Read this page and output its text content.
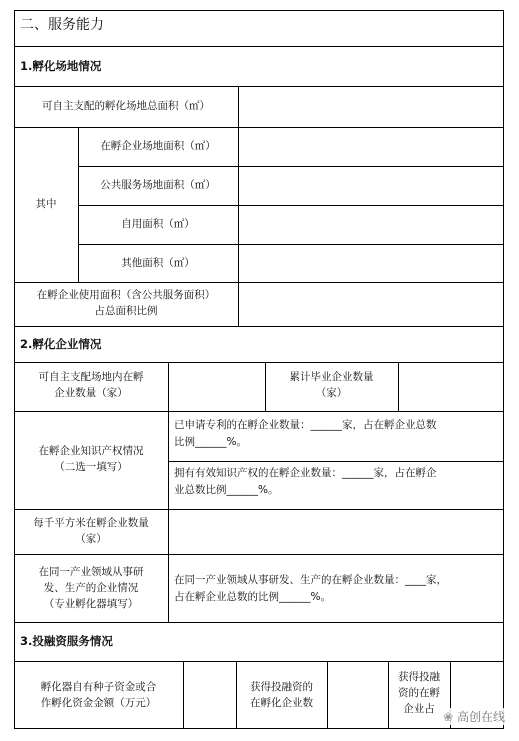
二、服务能力
1.孵化场地情况
可自主支配的孵化场地总面积（㎡）
其中
在孵企业场地面积（㎡）
公共服务场地面积（㎡）
自用面积（㎡）
其他面积（㎡）
在孵企业使用面积（含公共服务面积）
占总面积比例
2.孵化企业情况
可自主支配场地内在孵
企业数量（家）
累计毕业企业数量
（家）
在孵企业知识产权情况
（二选一填写）
已申请专利的在孵企业数量：______家，占在孵企业总数
比例______%。
拥有有效知识产权的在孵企业数量：______家，占在孵企
业总数比例______%。
每千平方米在孵企业数量
（家）
在同一产业领域从事研
发、生产的企业情况
（专业孵化器填写）
在同一产业领域从事研发、生产的在孵企业数量：____家，
占在孵企业总数的比例______%。
3.投融资服务情况
孵化器自有种子资金或合
作孵化资金金额（万元）
获得投融资的
在孵化企业数
获得投融
资的在孵
企业占
❀ 高创在线
